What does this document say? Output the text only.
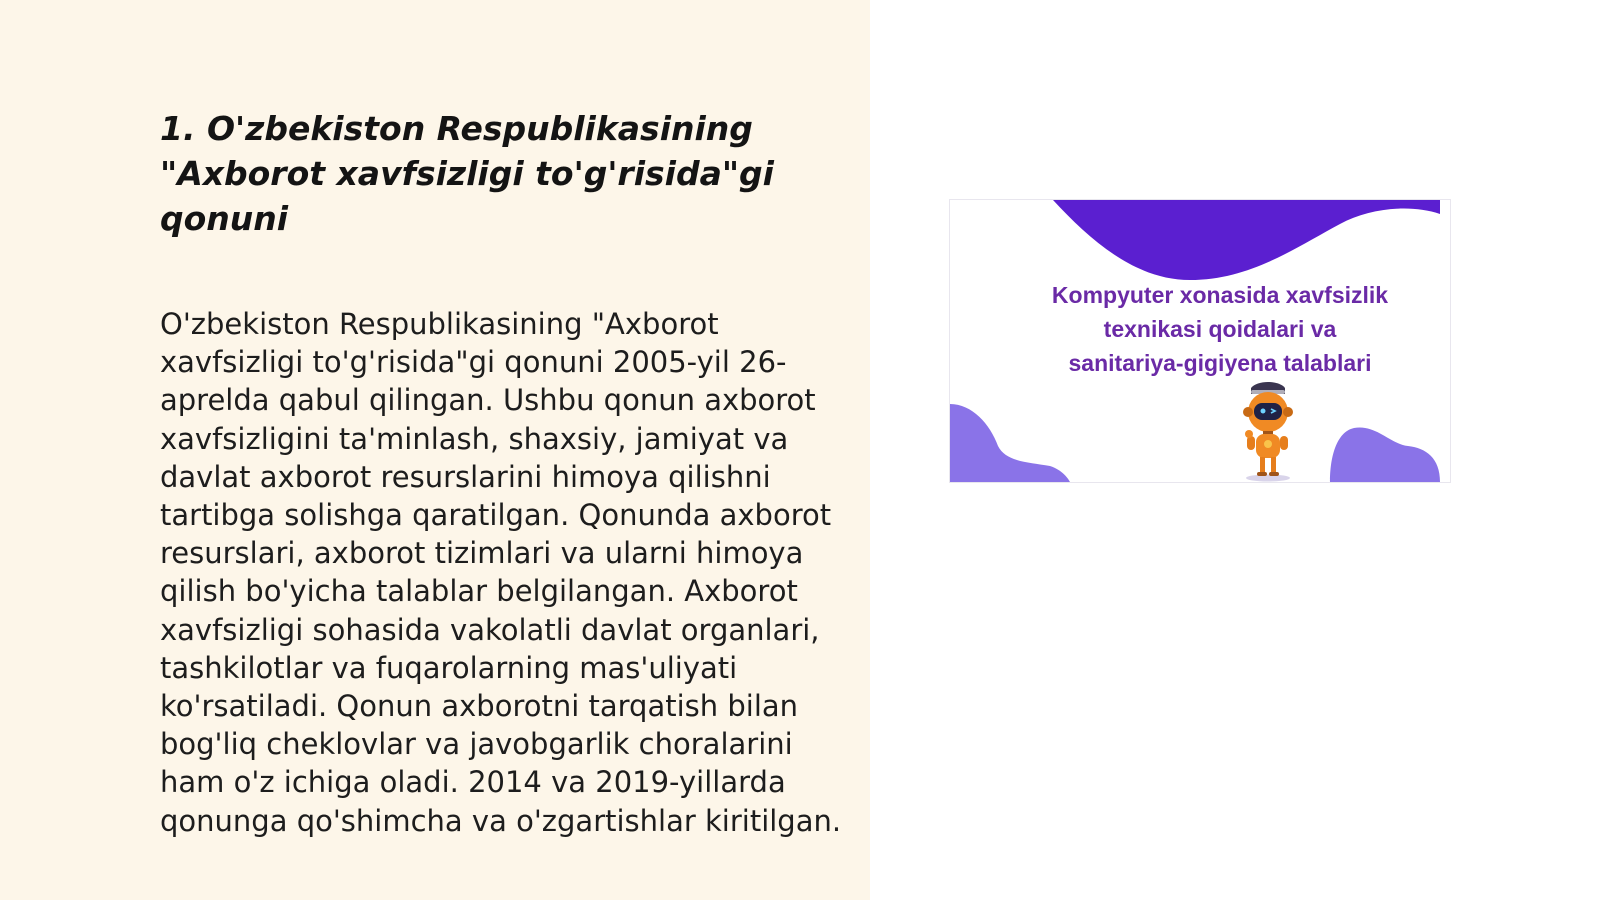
1. O'zbekiston Respublikasining "Axborot xavfsizligi to'g'risida"gi qonuni

O'zbekiston Respublikasining "Axborot xavfsizligi to'g'risida"gi qonuni 2005-yil 26-aprelda qabul qilingan. Ushbu qonun axborot xavfsizligini ta'minlash, shaxsiy, jamiyat va davlat axborot resurslarini himoya qilishni tartibga solishga qaratilgan. Qonunda axborot resurslari, axborot tizimlari va ularni himoya qilish bo'yicha talablar belgilangan. Axborot xavfsizligi sohasida vakolatli davlat organlari, tashkilotlar va fuqarolarning mas'uliyati ko'rsatiladi. Qonun axborotni tarqatish bilan bog'liq cheklovlar va javobgarlik choralarini ham o'z ichiga oladi. 2014 va 2019-yillarda qonunga qo'shimcha va o'zgartishlar kiritilgan.

Kompyuter xonasida xavfsizlik
texnikasi qoidalari va
sanitariya-gigiyena talablari
